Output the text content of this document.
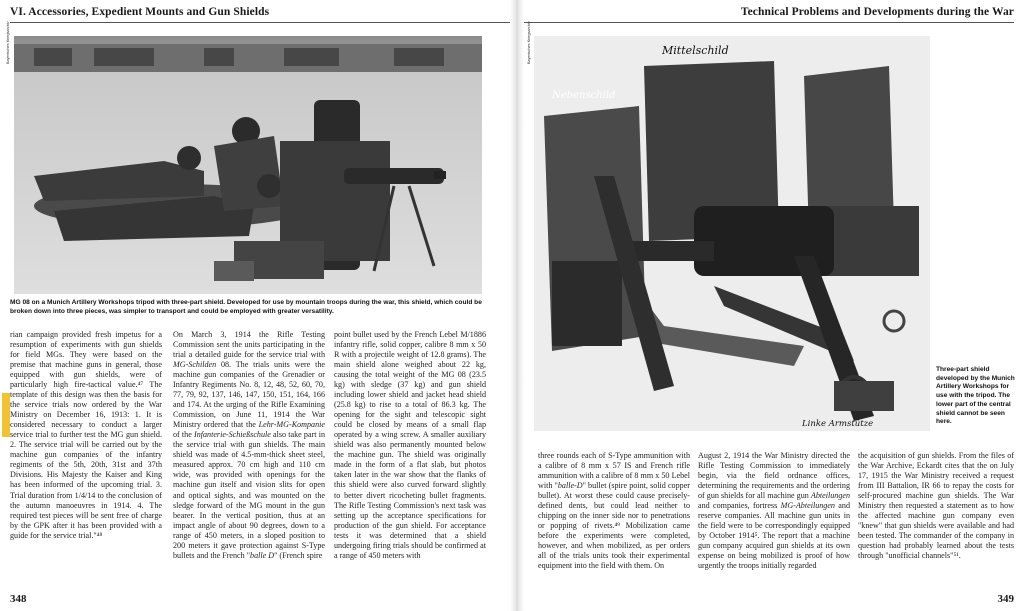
VI. Accessories, Expedient Mounts and Gun Shields	Technical Problems and Developments during the War
Bayerisches Kriegsarchiv
MG 08 on a Munich Artillery Workshops tripod with three-part shield. Developed for use by mountain troops during the war, this shield, which could be broken down into three pieces, was simpler to transport and could be employed with greater versatility.
Mittelschild
Nebenschild
Linke Armstütze
Bayerisches Kriegsarchiv
Three-part shield developed by the Munich Artillery Workshops for use with the tripod. The lower part of the central shield cannot be seen here.

rian campaign provided fresh impetus for a resumption of experiments with gun shields for field MGs. They were based on the premise that machine guns in general, those equipped with gun shields, were of particularly high fire-tactical value.⁴⁷ The template of this design was then the basis for the service trials now ordered by the War Ministry on December 16, 1913: 1. It is considered necessary to conduct a larger service trial to further test the MG gun shield. 2. The service trial will be carried out by the machine gun companies of the infantry regiments of the 5th, 20th, 31st and 37th Divisions. His Majesty the Kaiser and King has been informed of the upcoming trial. 3. Trial duration from 1/4/14 to the conclusion of the autumn manoeuvres in 1914. 4. The required test pieces will be sent free of charge by the GPK after it has been provided with a guide for the service trial."⁴⁸

On March 3, 1914 the Rifle Testing Commission sent the units participating in the trial a detailed guide for the service trial with MG-Schilden 08. The trials units were the machine gun companies of the Grenadier or Infantry Regiments No. 8, 12, 48, 52, 60, 70, 77, 79, 92, 137, 146, 147, 150, 151, 164, 166 and 174. At the urging of the Rifle Examining Commission, on June 11, 1914 the War Ministry ordered that the Lehr-MG-Kompanie of the Infanterie-Schießschule also take part in the service trial with gun shields. The main shield was made of 4.5-mm-thick sheet steel, measured approx. 70 cm high and 110 cm wide, was provided with openings for the machine gun itself and vision slits for open and optical sights, and was mounted on the sledge forward of the MG mount in the gun bearer. In the vertical position, thus at an impact angle of about 90 degrees, down to a range of 450 meters, in a sloped position to 200 meters it gave protection against S-Type bullets and the French "balle D" (French spire

point bullet used by the French Lebel M/1886 infantry rifle, solid copper, calibre 8 mm x 50 R with a projectile weight of 12.8 grams). The main shield alone weighed about 22 kg, causing the total weight of the MG 08 (23.5 kg) with sledge (37 kg) and gun shield including lower shield and jacket head shield (25.8 kg) to rise to a total of 86.3 kg. The opening for the sight and telescopic sight could be closed by means of a small flap operated by a wing screw. A smaller auxiliary shield was also permanently mounted below the machine gun. The shield was originally made in the form of a flat slab, but photos taken later in the war show that the flanks of this shield were also curved forward slightly to better divert ricocheting bullet fragments. The Rifle Testing Commission's next task was setting up the acceptance specifications for production of the gun shield. For acceptance tests it was determined that a shield undergoing firing trials should be confirmed at a range of 450 meters with

three rounds each of S-Type ammunition with a calibre of 8 mm x 57 IS and French rifle ammunition with a calibre of 8 mm x 50 Lebel with "balle-D" bullet (spire point, solid copper bullet). At worst these could cause precisely-defined dents, but could lead neither to chipping on the inner side nor to penetrations or popping of rivets.⁴⁹ Mobilization came before the experiments were completed, however, and when mobilized, as per orders all of the trials units took their experimental equipment into the field with them. On

August 2, 1914 the War Ministry directed the Rifle Testing Commission to immediately begin, via the field ordnance offices, determining the requirements and the ordering of gun shields for all machine gun Abteilungen and companies, fortress MG-Abteilungen and reserve companies. All machine gun units in the field were to be correspondingly equipped by October 1914⁵. The report that a machine gun company acquired gun shields at its own expense on being mobilized is proof of how urgently the troops initially regarded

the acquisition of gun shields. From the files of the War Archive, Eckardt cites that the on July 17, 1915 the War Ministry received a request from III Battalion, IR 66 to repay the costs for self-procured machine gun shields. The War Ministry then requested a statement as to how the affected machine gun company even "knew" that gun shields were available and had been tested. The commander of the company in question had probably learned about the tests through "unofficial channels"⁵¹.

348	349
